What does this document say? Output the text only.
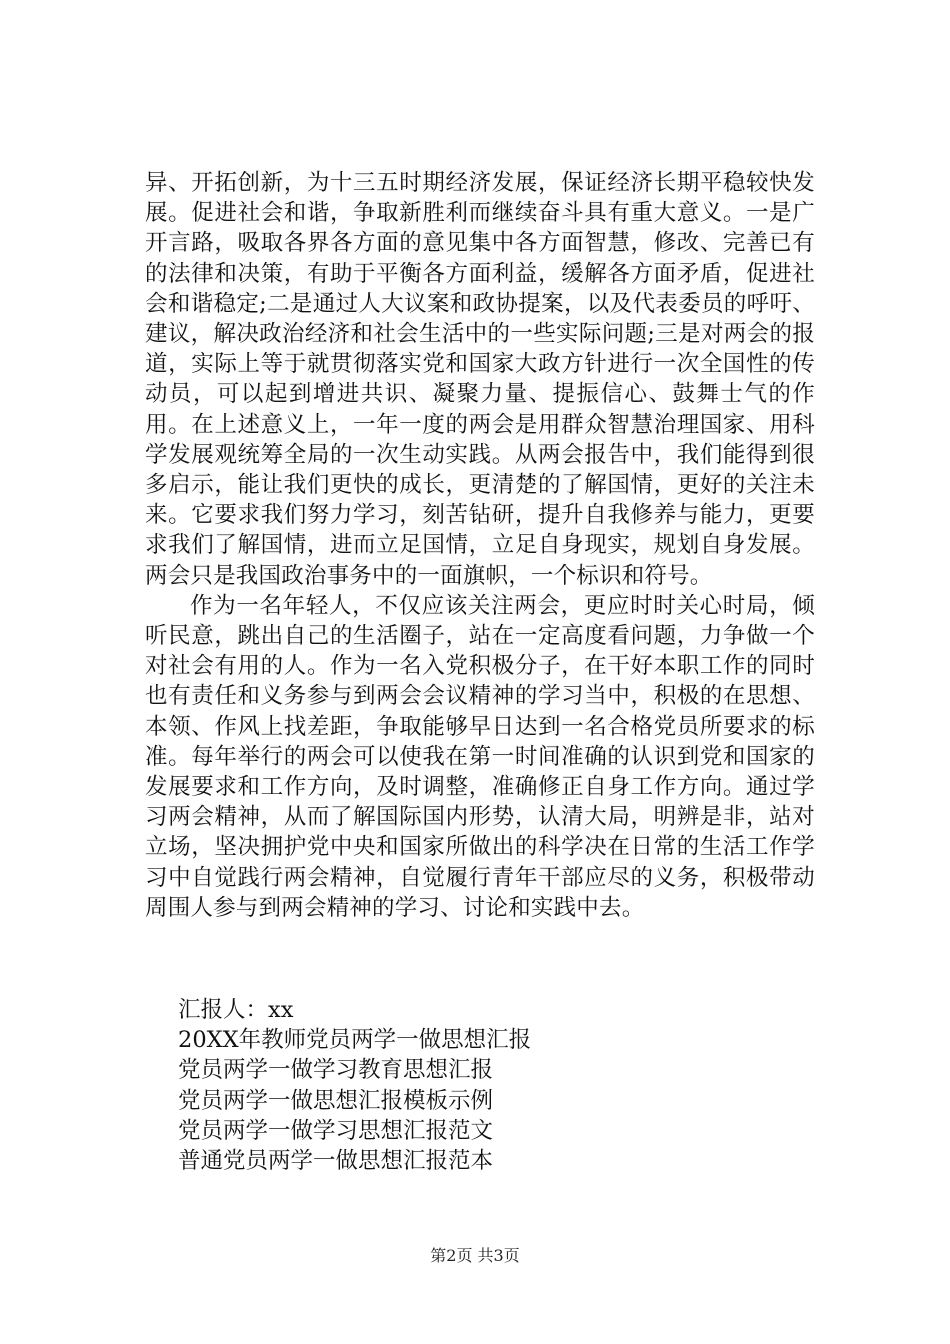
异、开拓创新，为十三五时期经济发展，保证经济长期平稳较快发展。促进社会和谐，争取新胜利而继续奋斗具有重大意义。一是广开言路，吸取各界各方面的意见集中各方面智慧，修改、完善已有的法律和决策，有助于平衡各方面利益，缓解各方面矛盾，促进社会和谐稳定;二是通过人大议案和政协提案，以及代表委员的呼吁、建议，解决政治经济和社会生活中的一些实际问题;三是对两会的报道，实际上等于就贯彻落实党和国家大政方针进行一次全国性的传动员，可以起到增进共识、凝聚力量、提振信心、鼓舞士气的作用。在上述意义上，一年一度的两会是用群众智慧治理国家、用科学发展观统筹全局的一次生动实践。从两会报告中，我们能得到很多启示，能让我们更快的成长，更清楚的了解国情，更好的关注未来。它要求我们努力学习，刻苦钻研，提升自我修养与能力，更要求我们了解国情，进而立足国情，立足自身现实，规划自身发展。两会只是我国政治事务中的一面旗帜，一个标识和符号。

作为一名年轻人，不仅应该关注两会，更应时时关心时局，倾听民意，跳出自己的生活圈子，站在一定高度看问题，力争做一个对社会有用的人。作为一名入党积极分子，在干好本职工作的同时也有责任和义务参与到两会会议精神的学习当中，积极的在思想、本领、作风上找差距，争取能够早日达到一名合格党员所要求的标准。每年举行的两会可以使我在第一时间准确的认识到党和国家的发展要求和工作方向，及时调整，准确修正自身工作方向。通过学习两会精神，从而了解国际国内形势，认清大局，明辨是非，站对立场，坚决拥护党中央和国家所做出的科学决在日常的生活工作学习中自觉践行两会精神，自觉履行青年干部应尽的义务，积极带动周围人参与到两会精神的学习、讨论和实践中去。

汇报人：xx
20XX年教师党员两学一做思想汇报
党员两学一做学习教育思想汇报
党员两学一做思想汇报模板示例
党员两学一做学习思想汇报范文
普通党员两学一做思想汇报范本
第2页 共3页
